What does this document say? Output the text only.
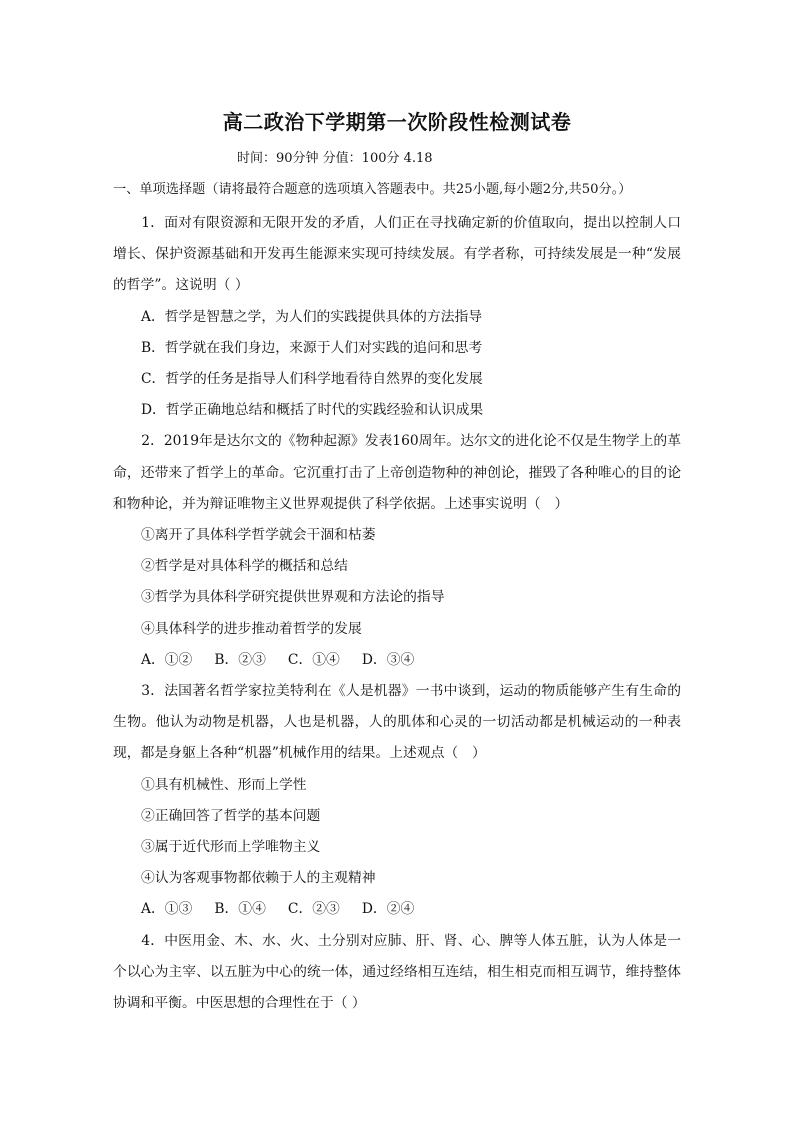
高二政治下学期第一次阶段性检测试卷
时间：90分钟 分值：100分 4.18
一、单项选择题（请将最符合题意的选项填入答题表中。共25小题,每小题2分,共50分。）

1．面对有限资源和无限开发的矛盾，人们正在寻找确定新的价值取向，提出以控制人口增长、保护资源基础和开发再生能源来实现可持续发展。有学者称，可持续发展是一种“发展的哲学”。这说明（ ）

A．哲学是智慧之学，为人们的实践提供具体的方法指导

B．哲学就在我们身边，来源于人们对实践的追问和思考

C．哲学的任务是指导人们科学地看待自然界的变化发展

D．哲学正确地总结和概括了时代的实践经验和认识成果

2．2019年是达尔文的《物种起源》发表160周年。达尔文的进化论不仅是生物学上的革命，还带来了哲学上的革命。它沉重打击了上帝创造物种的神创论，摧毁了各种唯心的目的论和物种论，并为辩证唯物主义世界观提供了科学依据。上述事实说明（　）

①离开了具体科学哲学就会干涸和枯萎

②哲学是对具体科学的概括和总结

③哲学为具体科学研究提供世界观和方法论的指导

④具体科学的进步推动着哲学的发展

A．①② B．②③ C．①④ D．③④

3．法国著名哲学家拉美特利在《人是机器》一书中谈到，运动的物质能够产生有生命的生物。他认为动物是机器，人也是机器，人的肌体和心灵的一切活动都是机械运动的一种表现，都是身躯上各种“机器”机械作用的结果。上述观点（　）

①具有机械性、形而上学性

②正确回答了哲学的基本问题

③属于近代形而上学唯物主义

④认为客观事物都依赖于人的主观精神

A．①③ B．①④ C．②③ D．②④

4．中医用金、木、水、火、土分别对应肺、肝、肾、心、脾等人体五脏，认为人体是一个以心为主宰、以五脏为中心的统一体，通过经络相互连结，相生相克而相互调节，维持整体协调和平衡。中医思想的合理性在于（ ）
